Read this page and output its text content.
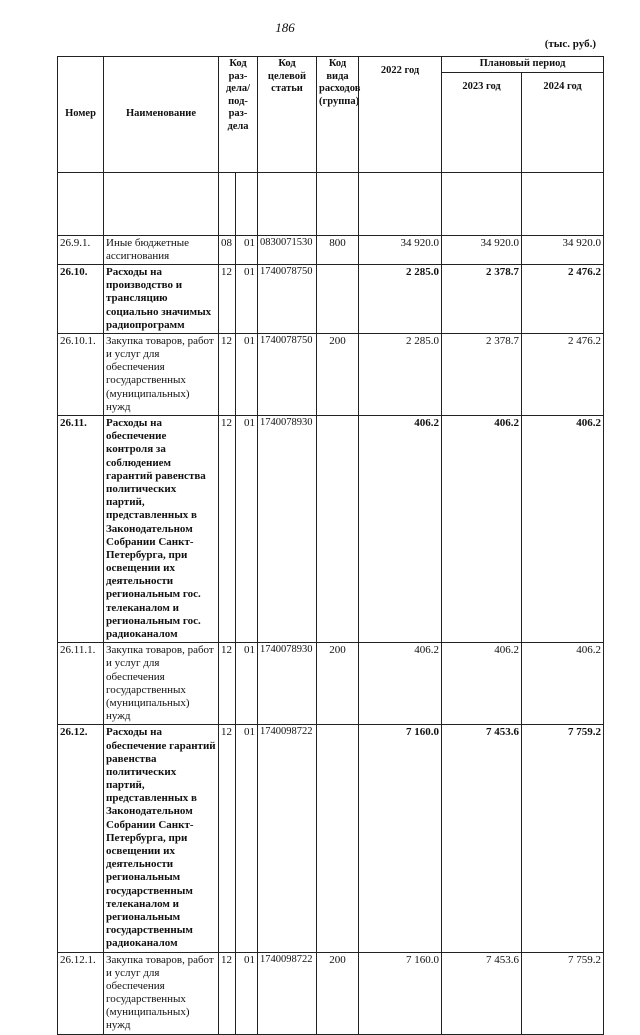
186
(тыс. руб.)
Номер	Наименование	Код раз-дела/ под-раз-дела		Код целевой статьи	Код вида расходов (группа)	2022 год	Плановый период	
							2023 год	2024 год

26.9.1.	Иные бюджетные ассигнования	08	01	0830071530	800	34 920.0	34 920.0	34 920.0
26.10.	Расходы на производство и трансляцию социально значимых радиопрограмм	12	01	1740078750		2 285.0	2 378.7	2 476.2
26.10.1.	Закупка товаров, работ и услуг для обеспечения государственных (муниципальных) нужд	12	01	1740078750	200	2 285.0	2 378.7	2 476.2
26.11.	Расходы на обеспечение контроля за соблюдением гарантий равенства политических партий, представленных в Законодательном Собрании Санкт-Петербурга, при освещении их деятельности региональным гос. телеканалом и региональным гос. радиоканалом	12	01	1740078930		406.2	406.2	406.2
26.11.1.	Закупка товаров, работ и услуг для обеспечения государственных (муниципальных) нужд	12	01	1740078930	200	406.2	406.2	406.2
26.12.	Расходы на обеспечение гарантий равенства политических партий, представленных в Законодательном Собрании Санкт-Петербурга, при освещении их деятельности региональным государственным телеканалом и региональным государственным радиоканалом	12	01	1740098722		7 160.0	7 453.6	7 759.2
26.12.1.	Закупка товаров, работ и услуг для обеспечения государственных (муниципальных) нужд	12	01	1740098722	200	7 160.0	7 453.6	7 759.2
